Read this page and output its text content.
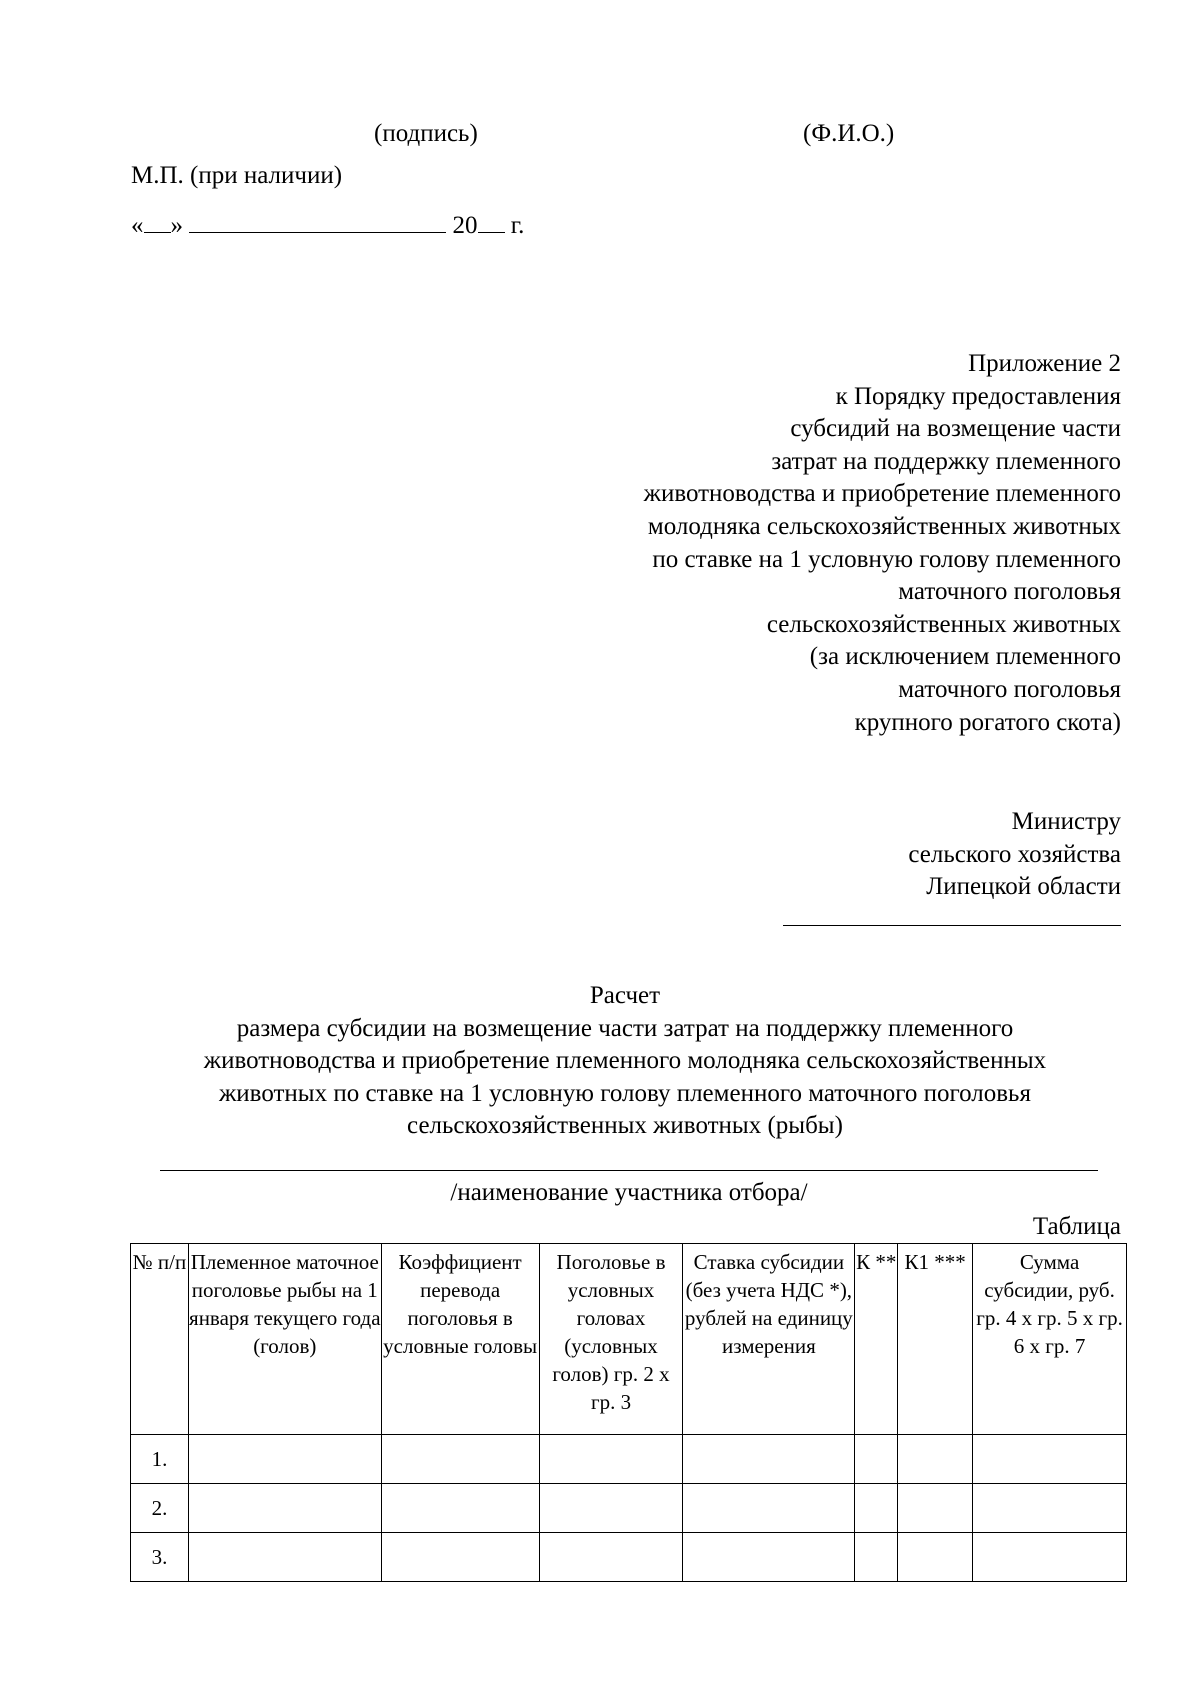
(подпись)	(Ф.И.О.)
М.П. (при наличии)
« »	20 г.
Приложение 2
к Порядку предоставления
субсидий на возмещение части
затрат на поддержку племенного
животноводства и приобретение племенного
молодняка сельскохозяйственных животных
по ставке на 1 условную голову племенного
маточного поголовья
сельскохозяйственных животных
(за исключением племенного
маточного поголовья
крупного рогатого скота)
Министру
сельского хозяйства
Липецкой области
Расчет
размера субсидии на возмещение части затрат на поддержку племенного
животноводства и приобретение племенного молодняка сельскохозяйственных
животных по ставке на 1 условную голову племенного маточного поголовья
сельскохозяйственных животных (рыбы)
/наименование участника отбора/
Таблица
№ п/п	Племенное маточное поголовье рыбы на 1 января текущего года (голов)	Коэффициент перевода поголовья в условные головы	Поголовье в условных головах (условных голов) гр. 2 х гр. 3	Ставка субсидии (без учета НДС *), рублей на единицу измерения	К **	К1 ***	Сумма субсидии, руб. гр. 4 х гр. 5 х гр. 6 х гр. 7
1.							
2.							
3.							
